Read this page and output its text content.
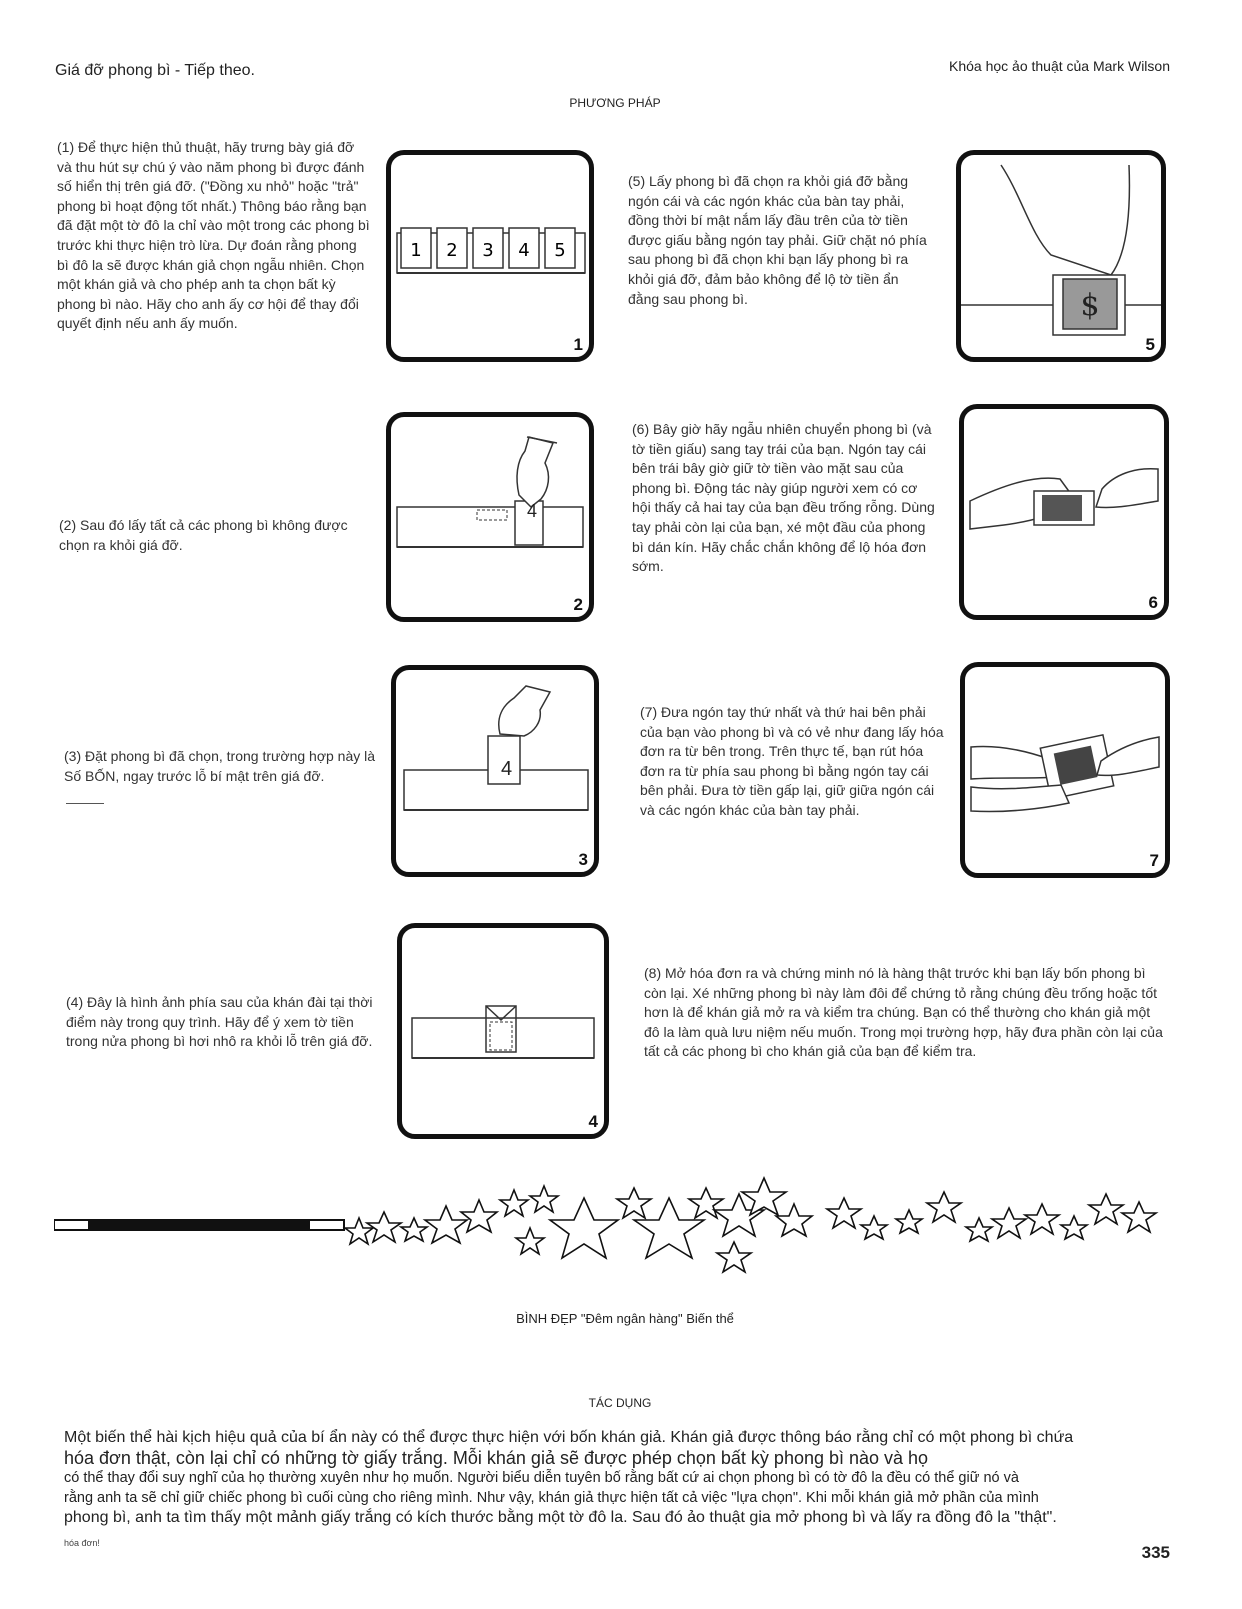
Giá đỡ phong bì - Tiếp theo.	Khóa học ảo thuật của Mark Wilson
PHƯƠNG PHÁP
(1) Để thực hiện thủ thuật, hãy trưng bày giá đỡ và thu hút sự chú ý vào năm phong bì được đánh số hiển thị trên giá đỡ. ("Đồng xu nhỏ" hoặc "trả" phong bì hoạt động tốt nhất.) Thông báo rằng bạn đã đặt một tờ đô la chỉ vào một trong các phong bì trước khi thực hiện trò lừa. Dự đoán rằng phong bì đô la sẽ được khán giả chọn ngẫu nhiên. Chọn một khán giả và cho phép anh ta chọn bất kỳ phong bì nào. Hãy cho anh ấy cơ hội để thay đổi quyết định nếu anh ấy muốn.
(2) Sau đó lấy tất cả các phong bì không được chọn ra khỏi giá đỡ.
(3) Đặt phong bì đã chọn, trong trường hợp này là Số BỐN, ngay trước lỗ bí mật trên giá đỡ.
(4) Đây là hình ảnh phía sau của khán đài tại thời điểm này trong quy trình. Hãy để ý xem tờ tiền trong nửa phong bì hơi nhô ra khỏi lỗ trên giá đỡ.
(5) Lấy phong bì đã chọn ra khỏi giá đỡ bằng ngón cái và các ngón khác của bàn tay phải, đồng thời bí mật nắm lấy đầu trên của tờ tiền được giấu bằng ngón tay phải. Giữ chặt nó phía sau phong bì đã chọn khi bạn lấy phong bì ra khỏi giá đỡ, đảm bảo không để lộ tờ tiền ẩn đằng sau phong bì.
(6) Bây giờ hãy ngẫu nhiên chuyển phong bì (và tờ tiền giấu) sang tay trái của bạn. Ngón tay cái bên trái bây giờ giữ tờ tiền vào mặt sau của phong bì. Động tác này giúp người xem có cơ hội thấy cả hai tay của bạn đều trống rỗng. Dùng tay phải còn lại của bạn, xé một đầu của phong bì dán kín. Hãy chắc chắn không để lộ hóa đơn sớm.
(7) Đưa ngón tay thứ nhất và thứ hai bên phải của bạn vào phong bì và có vẻ như đang lấy hóa đơn ra từ bên trong. Trên thực tế, bạn rút hóa đơn ra từ phía sau phong bì bằng ngón tay cái bên phải. Đưa tờ tiền gấp lại, giữ giữa ngón cái và các ngón khác của bàn tay phải.
(8) Mở hóa đơn ra và chứng minh nó là hàng thật trước khi bạn lấy bốn phong bì còn lại. Xé những phong bì này làm đôi để chứng tỏ rằng chúng đều trống hoặc tốt hơn là để khán giả mở ra và kiểm tra chúng. Bạn có thể thường cho khán giả một đô la làm quà lưu niệm nếu muốn. Trong mọi trường hợp, hãy đưa phần còn lại của tất cả các phong bì cho khán giả của bạn để kiểm tra.
1 2 3 4 5
1
4
2
4
3
4
$
5
6
7
BÌNH ĐẸP "Đêm ngân hàng" Biến thể
TÁC DỤNG
Một biến thể hài kịch hiệu quả của bí ẩn này có thể được thực hiện với bốn khán giả. Khán giả được thông báo rằng chỉ có một phong bì chứa
hóa đơn thật, còn lại chỉ có những tờ giấy trắng. Mỗi khán giả sẽ được phép chọn bất kỳ phong bì nào và họ
có thể thay đổi suy nghĩ của họ thường xuyên như họ muốn. Người biểu diễn tuyên bố rằng bất cứ ai chọn phong bì có tờ đô la đều có thể giữ nó và
rằng anh ta sẽ chỉ giữ chiếc phong bì cuối cùng cho riêng mình. Như vậy, khán giả thực hiện tất cả việc "lựa chọn". Khi mỗi khán giả mở phần của mình
phong bì, anh ta tìm thấy một mảnh giấy trắng có kích thước bằng một tờ đô la. Sau đó ảo thuật gia mở phong bì và lấy ra đồng đô la "thật".
hóa đơn!	335
